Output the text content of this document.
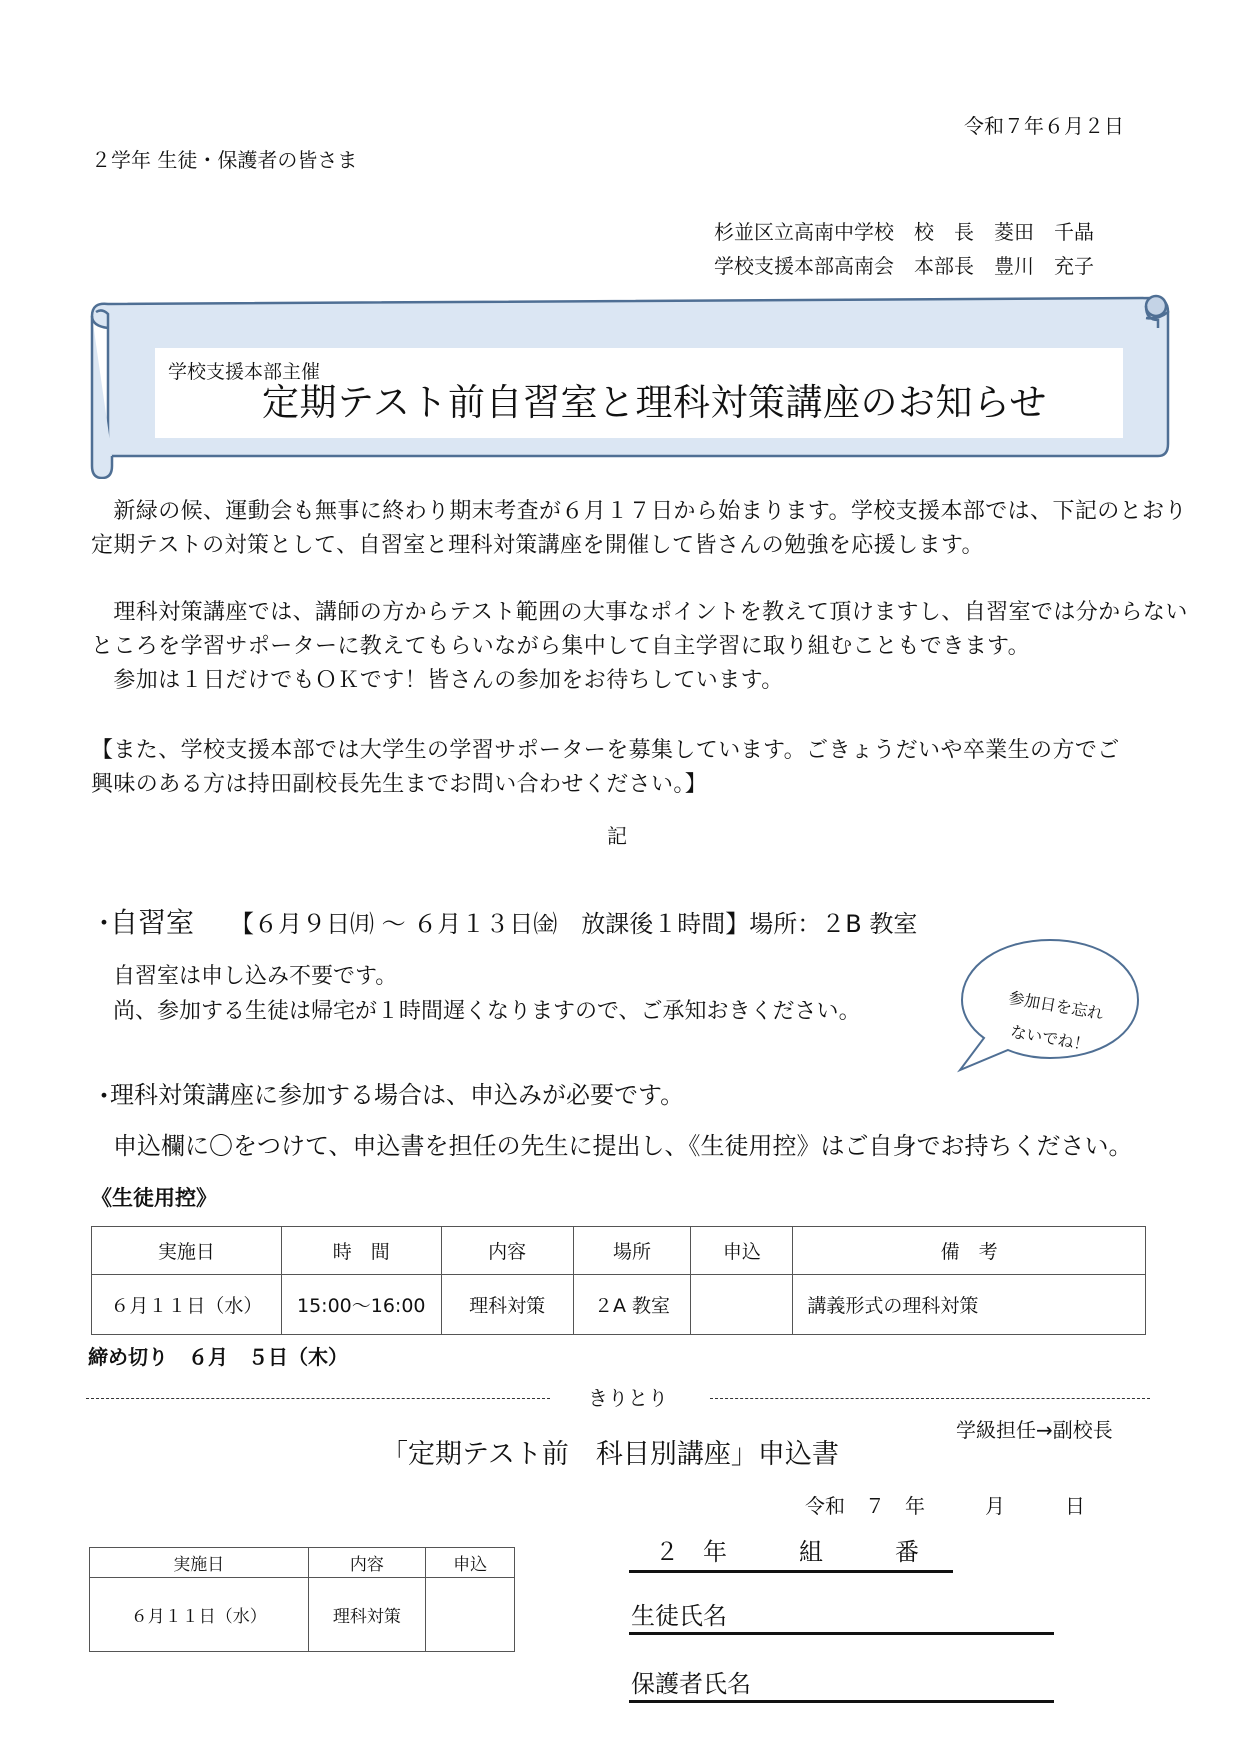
令和７年６月２日
２学年 生徒・保護者の皆さま
杉並区立高南中学校　校　長　菱田　千晶
学校支援本部高南会　本部長　豊川　充子
学校支援本部主催
定期テスト前自習室と理科対策講座のお知らせ
　新緑の候、運動会も無事に終わり期末考査が６月１７日から始まります。学校支援本部では、下記のとおり
定期テストの対策として、自習室と理科対策講座を開催して皆さんの勉強を応援します。
　理科対策講座では、講師の方からテスト範囲の大事なポイントを教えて頂けますし、自習室では分からない
ところを学習サポーターに教えてもらいながら集中して自主学習に取り組むこともできます。
　参加は１日だけでもＯＫです！皆さんの参加をお待ちしています。
【また、学校支援本部では大学生の学習サポーターを募集しています。ごきょうだいや卒業生の方でご
興味のある方は持田副校長先生までお問い合わせください。】
記
・
自習室 【６月９日㈪ ～ ６月１３日㈮　放課後１時間】場所：２B 教室
自習室は申し込み不要です。
尚、参加する生徒は帰宅が１時間遅くなりますので、ご承知おきください。	参加日を忘れ
ないでね！
・
理科対策講座に参加する場合は、申込みが必要です。
申込欄に〇をつけて、申込書を担任の先生に提出し、《生徒用控》はご自身でお持ちください。
《生徒用控》
実施日	時　間	内容	場所	申込	備　考
６月１１日（水）	15:00～16:00	理科対策	２A 教室		講義形式の理科対策
締め切り　６月　５日（木）
きりとり
学級担任→副校長
「定期テスト前　科目別講座」申込書
令和　７　年　　　月　　　日
実施日	内容	申込
６月１１日（水）	理科対策	
　２　年　　　組　　　番
生徒氏名
保護者氏名
